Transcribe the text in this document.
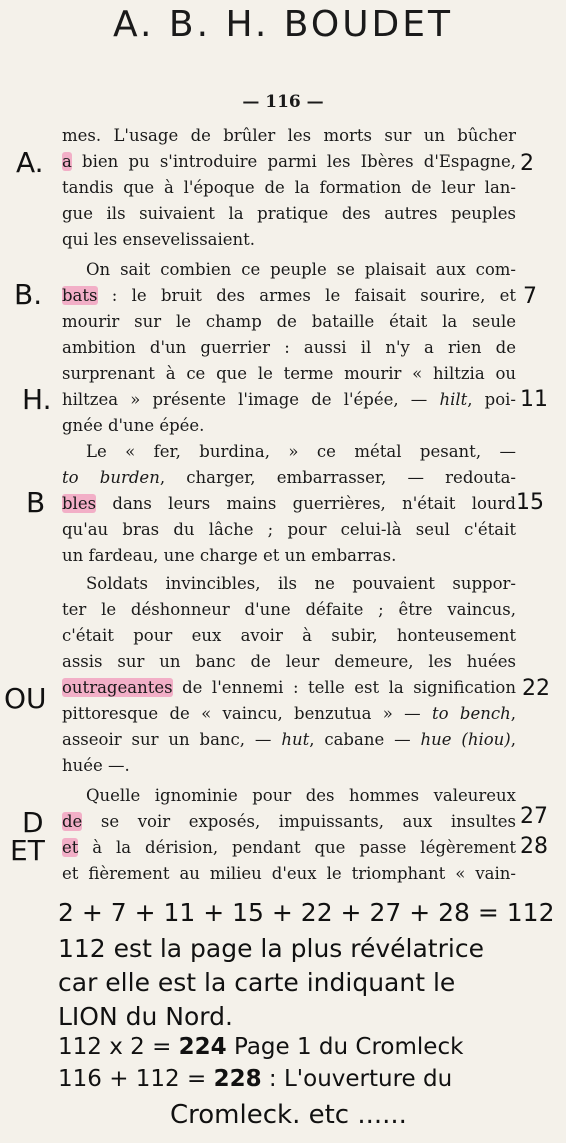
A. B. H. BOUDET
— 116 —
mes. L'usage de brûler les morts sur un bûcher
a bien pu s'introduire parmi les Ibères d'Espagne,
tandis que à l'époque de la formation de leur lan-
gue ils suivaient la pratique des autres peuples
qui les ensevelissaient.
On sait combien ce peuple se plaisait aux com-
bats : le bruit des armes le faisait sourire, et
mourir sur le champ de bataille était la seule
ambition d'un guerrier : aussi il n'y a rien de
surprenant à ce que le terme mourir « hiltzia ou
hiltzea » présente l'image de l'épée, — hilt, poi-
gnée d'une épée.
Le « fer, burdina, » ce métal pesant, —
to burden, charger, embarrasser, — redouta-
bles dans leurs mains guerrières, n'était lourd
qu'au bras du lâche ; pour celui-là seul c'était
un fardeau, une charge et un embarras.
Soldats invincibles, ils ne pouvaient suppor-
ter le déshonneur d'une défaite ; être vaincus,
c'était pour eux avoir à subir, honteusement
assis sur un banc de leur demeure, les huées
outrageantes de l'ennemi : telle est la signification
pittoresque de « vaincu, benzutua » — to bench,
asseoir sur un banc, — hut, cabane — hue (hiou),
huée —.
Quelle ignominie pour des hommes valeureux
de se voir exposés, impuissants, aux insultes
et à la dérision, pendant que passe légèrement
et fièrement au milieu d'eux le triomphant « vain-
A.
B.
H.
B
OU
D
ET
2
7
11
15
22
27
28
2 + 7 + 11 + 15 + 22 + 27 + 28 = 112
112 est la page la plus révélatrice
car elle est la carte indiquant le
LION du Nord.
112 x 2 = 224 Page 1 du Cromleck
116 + 112 = 228 : L'ouverture du
Cromleck. etc ......
